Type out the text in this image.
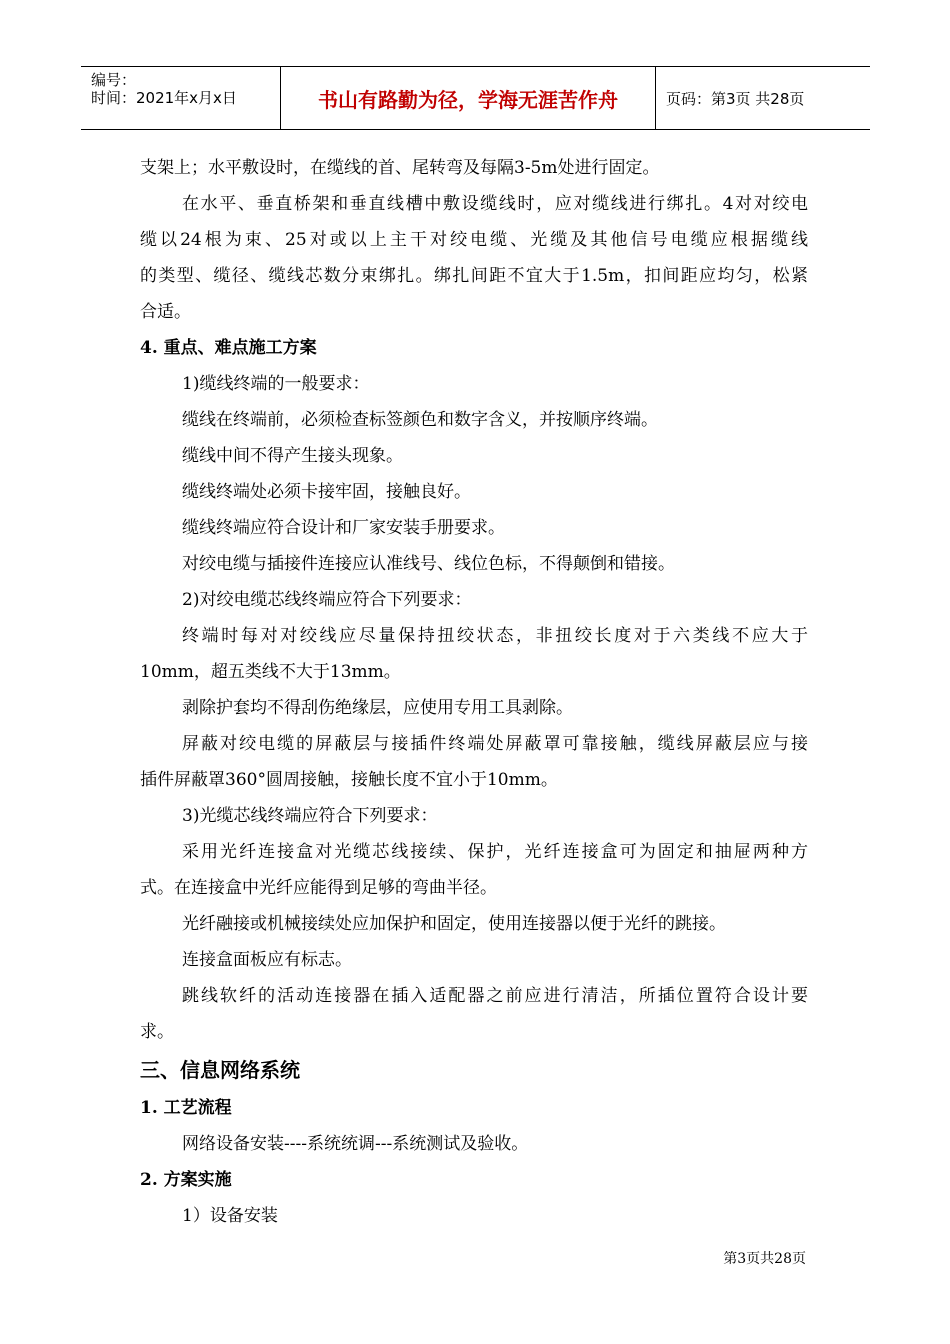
编号：
时间：2021年x月x日	书山有路勤为径，学海无涯苦作舟	页码：第3页 共28页
支架上；水平敷设时，在缆线的首、尾转弯及每隔3-5m处进行固定。
在水平、垂直桥架和垂直线槽中敷设缆线时，应对缆线进行绑扎。4对对绞电
缆以24根为束、25对或以上主干对绞电缆、光缆及其他信号电缆应根据缆线
的类型、缆径、缆线芯数分束绑扎。绑扎间距不宜大于1.5m，扣间距应均匀，松紧
合适。
4. 重点、难点施工方案
1)缆线终端的一般要求：
缆线在终端前，必须检查标签颜色和数字含义，并按顺序终端。
缆线中间不得产生接头现象。
缆线终端处必须卡接牢固，接触良好。
缆线终端应符合设计和厂家安装手册要求。
对绞电缆与插接件连接应认准线号、线位色标，不得颠倒和错接。
2)对绞电缆芯线终端应符合下列要求：
终端时每对对绞线应尽量保持扭绞状态，非扭绞长度对于六类线不应大于
10mm，超五类线不大于13mm。
剥除护套均不得刮伤绝缘层，应使用专用工具剥除。
屏蔽对绞电缆的屏蔽层与接插件终端处屏蔽罩可靠接触，缆线屏蔽层应与接
插件屏蔽罩360°圆周接触，接触长度不宜小于10mm。
3)光缆芯线终端应符合下列要求：
采用光纤连接盒对光缆芯线接续、保护，光纤连接盒可为固定和抽屉两种方
式。在连接盒中光纤应能得到足够的弯曲半径。
光纤融接或机械接续处应加保护和固定，使用连接器以便于光纤的跳接。
连接盒面板应有标志。
跳线软纤的活动连接器在插入适配器之前应进行清洁，所插位置符合设计要
求。
三、信息网络系统
1. 工艺流程
网络设备安装----系统统调---系统测试及验收。
2. 方案实施
1）设备安装
第3页共28页
